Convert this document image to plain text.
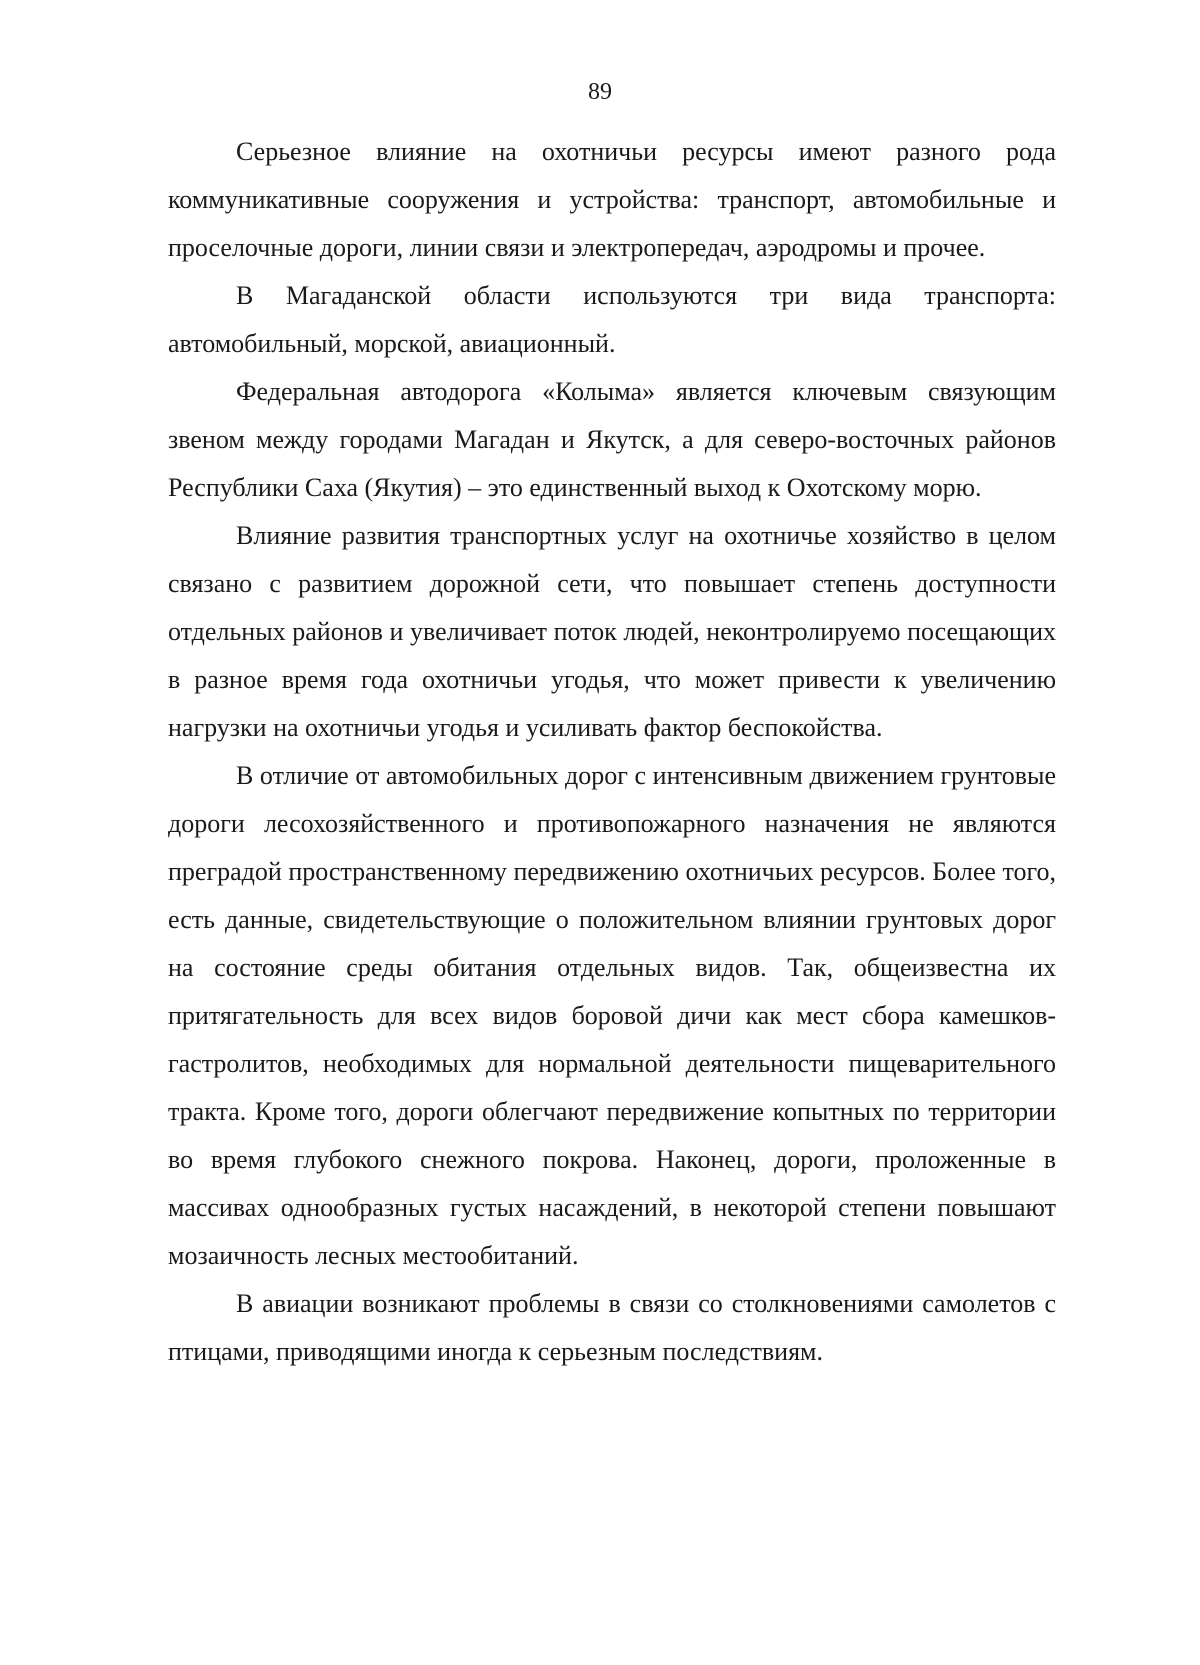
89

Серьезное влияние на охотничьи ресурсы имеют разного рода коммуникативные сооружения и устройства: транспорт, автомобильные и проселочные дороги, линии связи и электропередач, аэродромы и прочее.

В Магаданской области используются три вида транспорта: автомобильный, морской, авиационный.

Федеральная автодорога «Колыма» является ключевым связующим звеном между городами Магадан и Якутск, а для северо-восточных районов Республики Саха (Якутия) – это единственный выход к Охотскому морю.

Влияние развития транспортных услуг на охотничье хозяйство в целом связано с развитием дорожной сети, что повышает степень доступности отдельных районов и увеличивает поток людей, неконтролируемо посещающих в разное время года охотничьи угодья, что может привести к увеличению нагрузки на охотничьи угодья и усиливать фактор беспокойства.

В отличие от автомобильных дорог с интенсивным движением грунтовые дороги лесохозяйственного и противопожарного назначения не являются преградой пространственному передвижению охотничьих ресурсов. Более того, есть данные, свидетельствующие о положительном влиянии грунтовых дорог на состояние среды обитания отдельных видов. Так, общеизвестна их притягательность для всех видов боровой дичи как мест сбора камешков-гастролитов, необходимых для нормальной деятельности пищеварительного тракта. Кроме того, дороги облегчают передвижение копытных по территории во время глубокого снежного покрова. Наконец, дороги, проложенные в массивах однообразных густых насаждений, в некоторой степени повышают мозаичность лесных местообитаний.

В авиации возникают проблемы в связи со столкновениями самолетов с птицами, приводящими иногда к серьезным последствиям.
